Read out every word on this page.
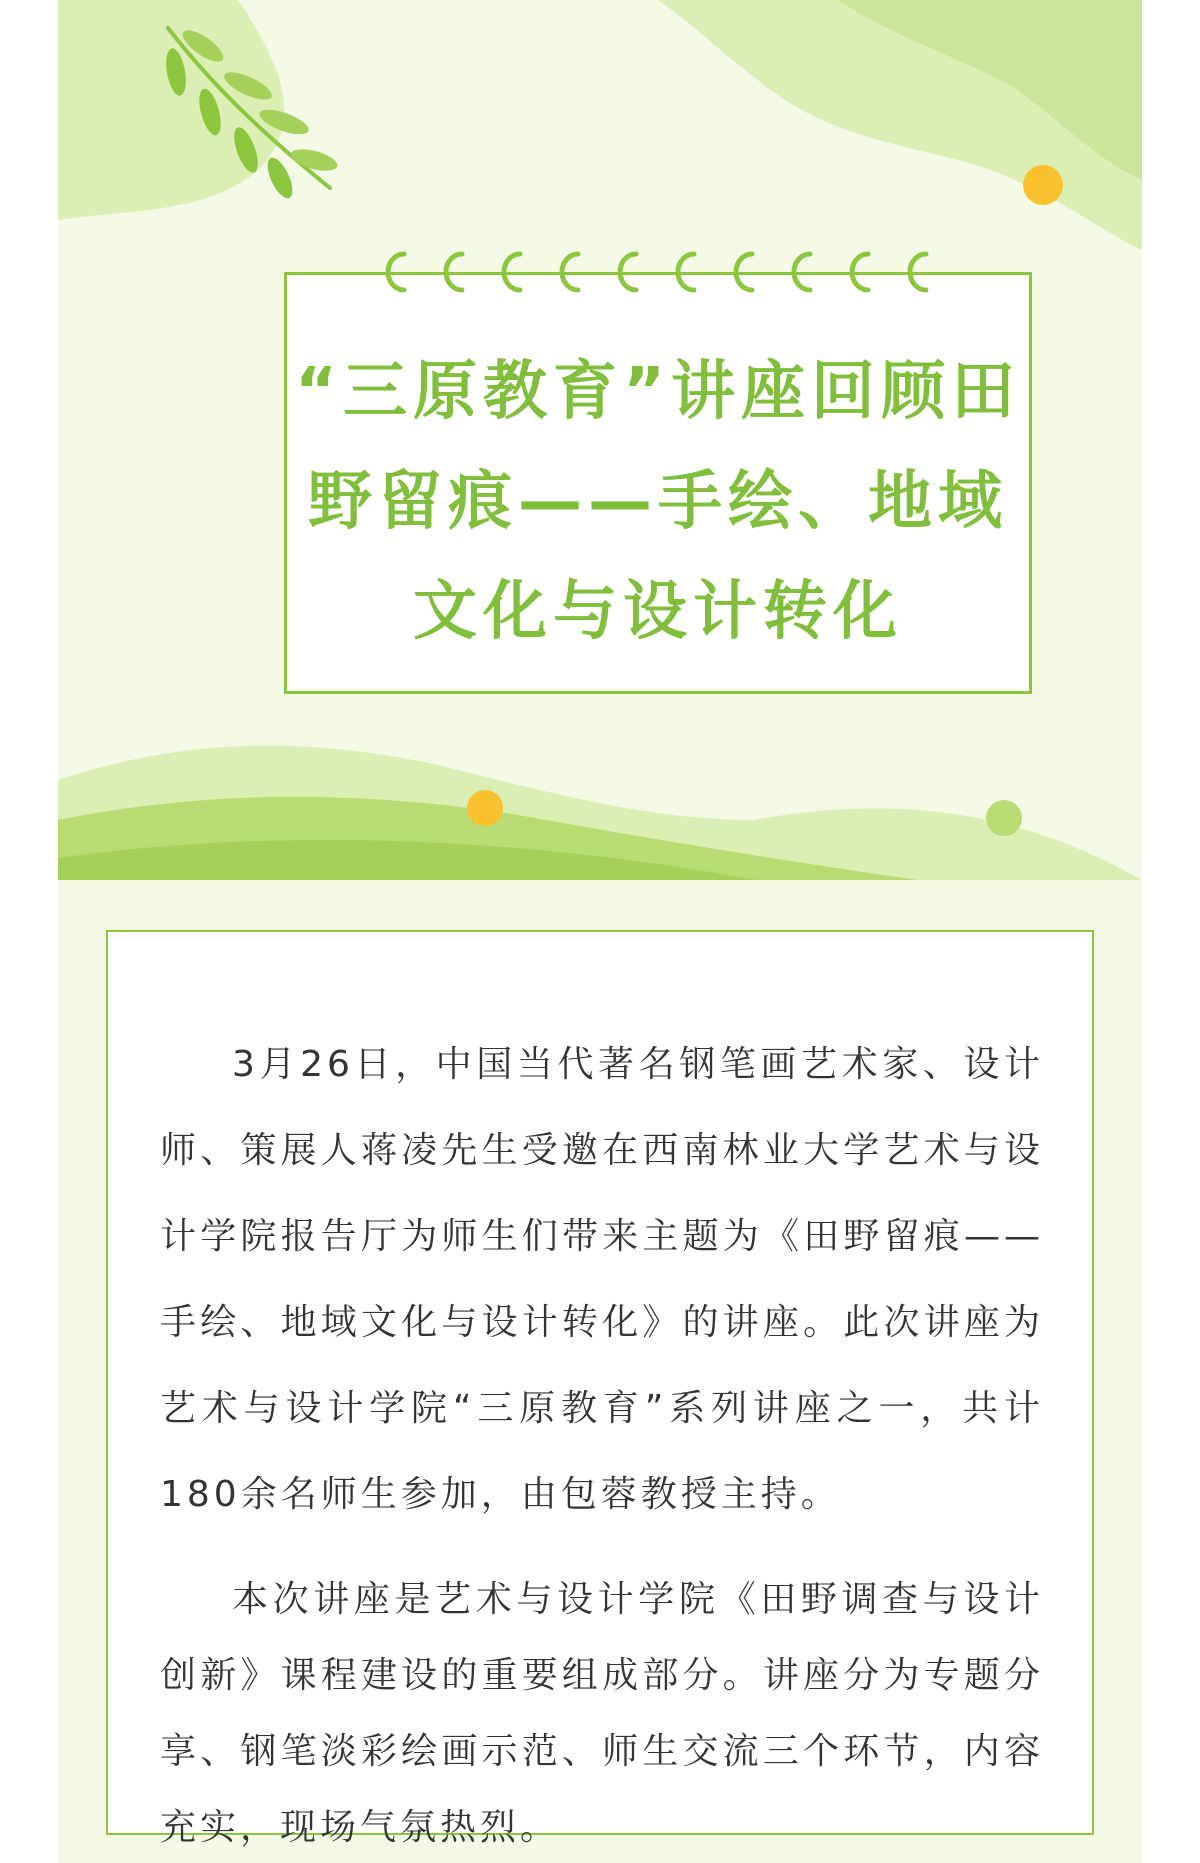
“三原教育”讲座回顾田野留痕——手绘、地域文化与设计转化

3月26日，中国当代著名钢笔画艺术家、设计师、策展人蒋凌先生受邀在西南林业大学艺术与设计学院报告厅为师生们带来主题为《田野留痕——手绘、地域文化与设计转化》的讲座。此次讲座为艺术与设计学院“三原教育”系列讲座之一，共计180余名师生参加，由包蓉教授主持。

本次讲座是艺术与设计学院《田野调查与设计创新》课程建设的重要组成部分。讲座分为专题分享、钢笔淡彩绘画示范、师生交流三个环节，内容充实，现场气氛热烈。
